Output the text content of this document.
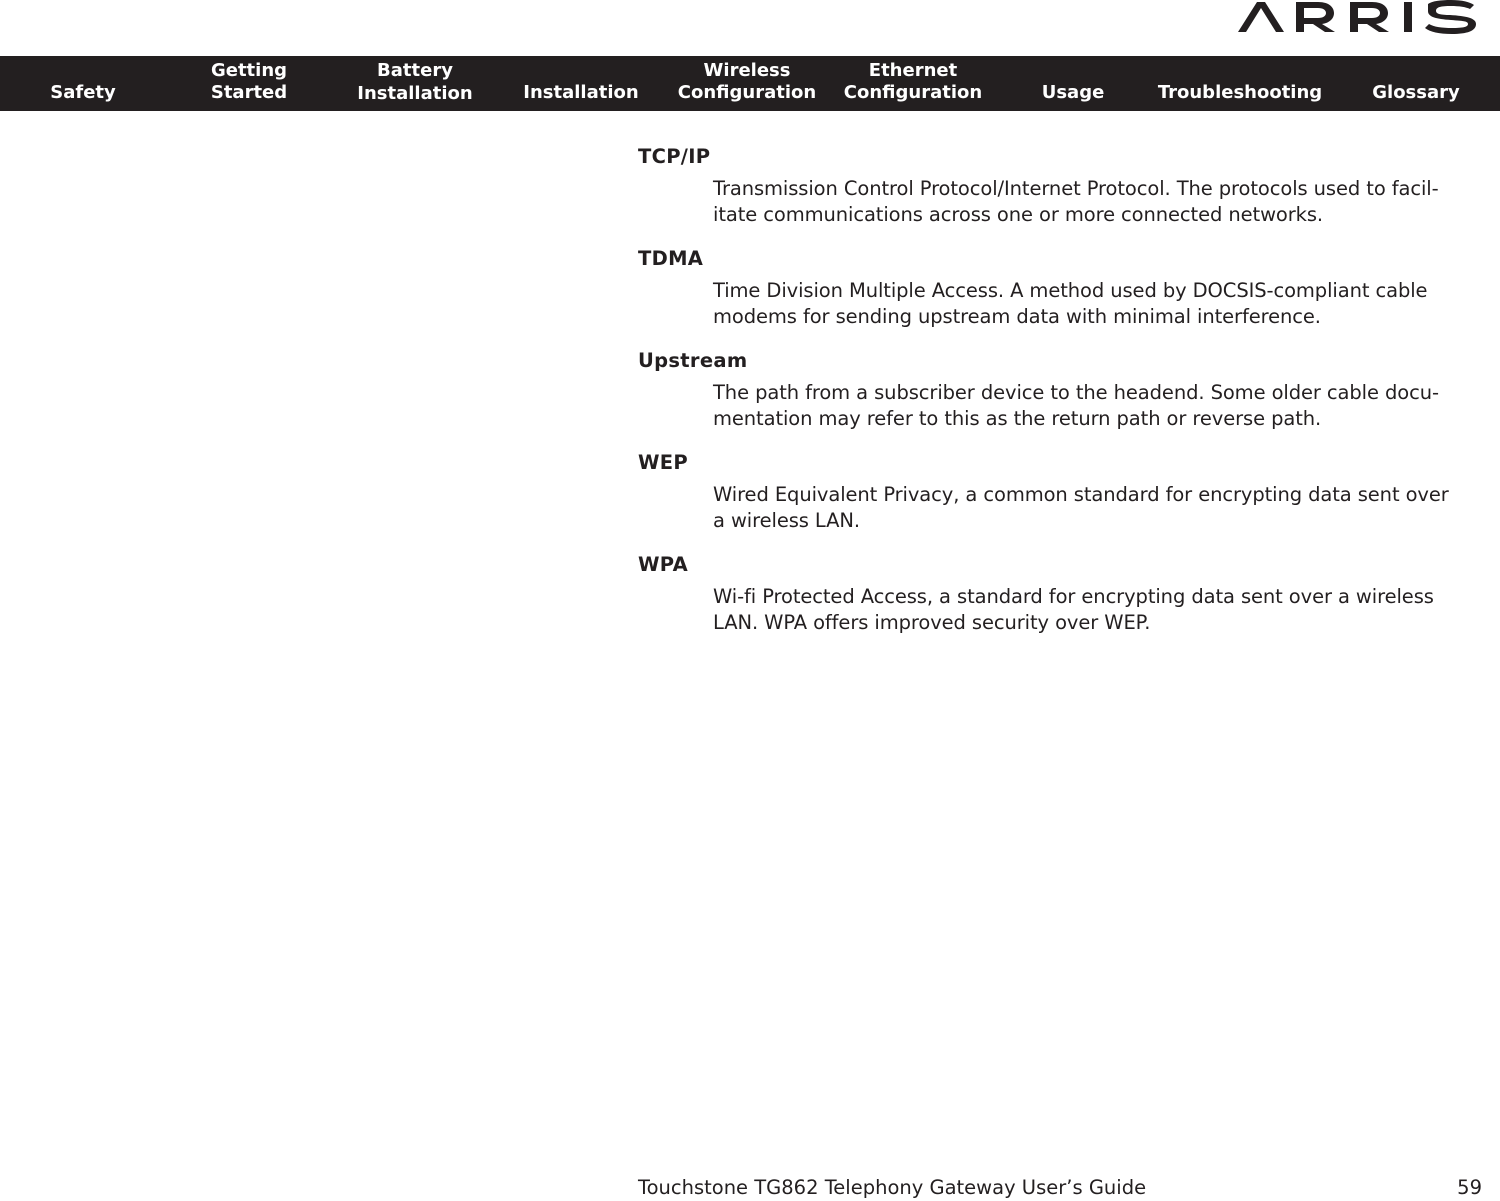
Safety
Getting
Started
Battery
Installation	Installation
Wireless
Configuration
Ethernet
Configuration	Usage	Troubleshooting	Glossary
TCP/IP

Transmission Control Protocol/Internet Protocol. The protocols used to facil-
itate communications across one or more connected networks.

TDMA

Time Division Multiple Access. A method used by DOCSIS-compliant cable
modems for sending upstream data with minimal interference.

Upstream

The path from a subscriber device to the headend. Some older cable docu-
mentation may refer to this as the return path or reverse path.

WEP

Wired Equivalent Privacy, a common standard for encrypting data sent over
a wireless LAN.

WPA

Wi-fi Protected Access, a standard for encrypting data sent over a wireless
LAN. WPA offers improved security over WEP.

Touchstone TG862 Telephony Gateway User’s Guide	59
